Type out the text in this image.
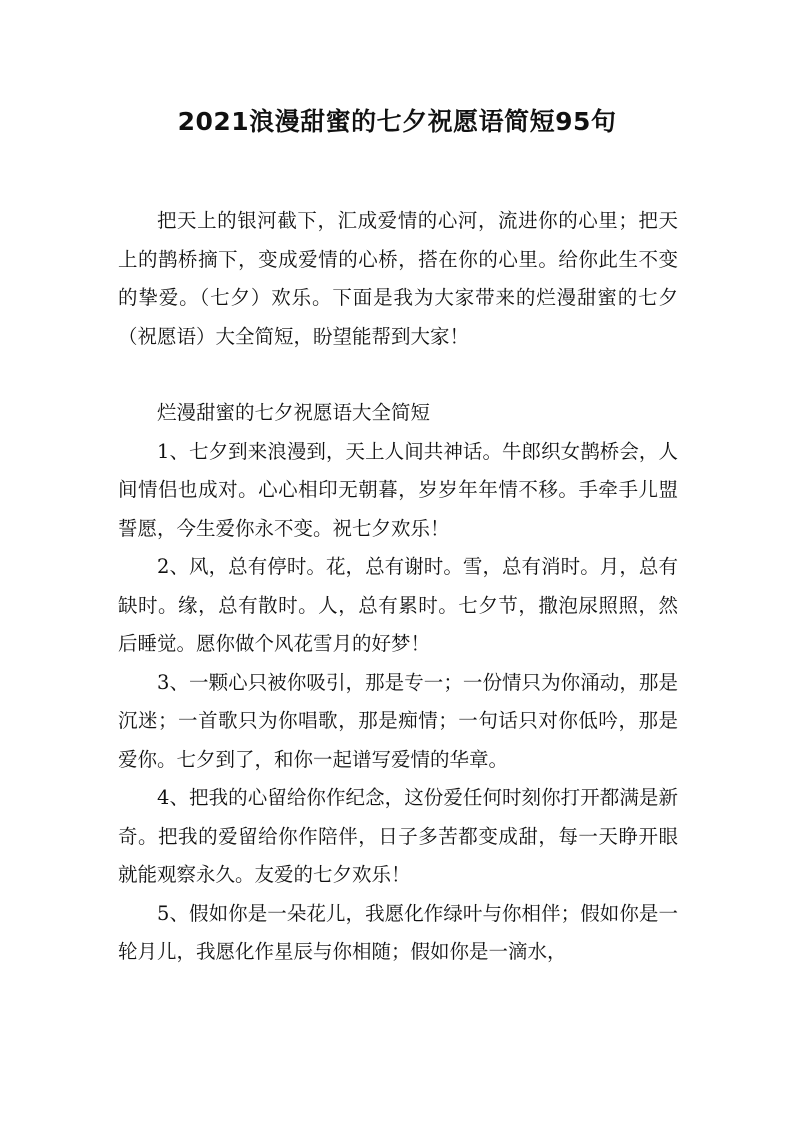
2021浪漫甜蜜的七夕祝愿语简短95句

把天上的银河截下，汇成爱情的心河，流进你的心里；把天上的鹊桥摘下，变成爱情的心桥，搭在你的心里。给你此生不变的挚爱。（七夕）欢乐。下面是我为大家带来的烂漫甜蜜的七夕（祝愿语）大全简短，盼望能帮到大家！

烂漫甜蜜的七夕祝愿语大全简短

1、七夕到来浪漫到，天上人间共神话。牛郎织女鹊桥会，人间情侣也成对。心心相印无朝暮，岁岁年年情不移。手牵手儿盟誓愿，今生爱你永不变。祝七夕欢乐！

2、风，总有停时。花，总有谢时。雪，总有消时。月，总有缺时。缘，总有散时。人，总有累时。七夕节，撒泡尿照照，然后睡觉。愿你做个风花雪月的好梦！

3、一颗心只被你吸引，那是专一；一份情只为你涌动，那是沉迷；一首歌只为你唱歌，那是痴情；一句话只对你低吟，那是爱你。七夕到了，和你一起谱写爱情的华章。

4、把我的心留给你作纪念，这份爱任何时刻你打开都满是新奇。把我的爱留给你作陪伴，日子多苦都变成甜，每一天睁开眼就能观察永久。友爱的七夕欢乐！

5、假如你是一朵花儿，我愿化作绿叶与你相伴；假如你是一轮月儿，我愿化作星辰与你相随；假如你是一滴水，
